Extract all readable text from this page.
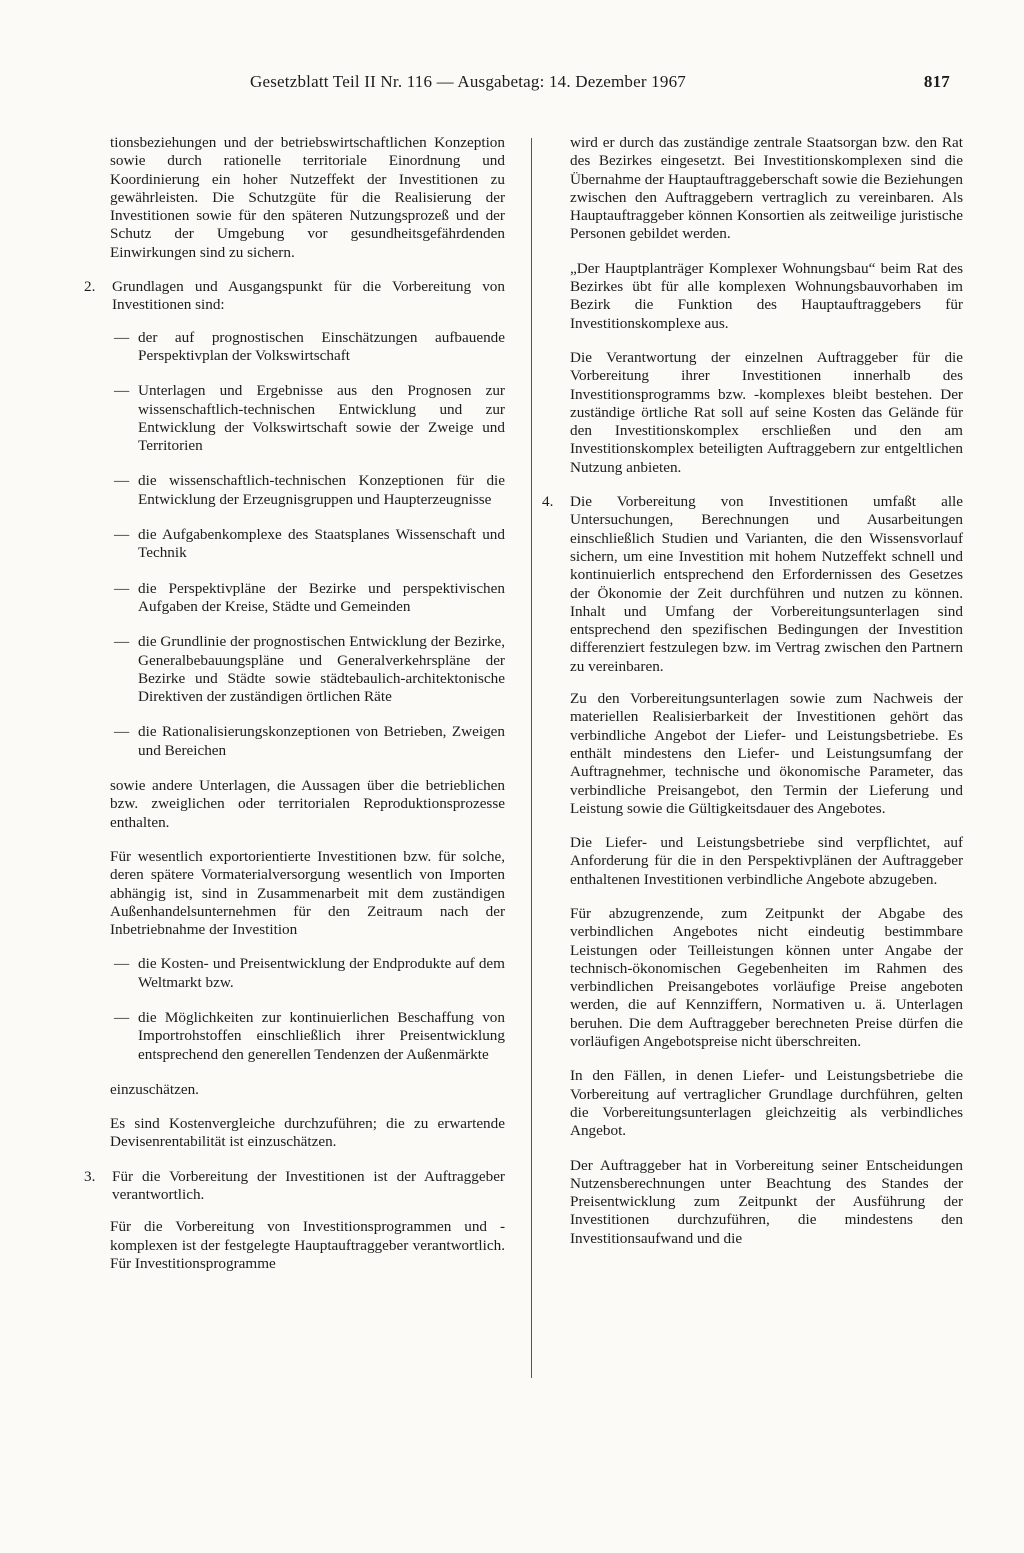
Gesetzblatt Teil II Nr. 116 — Ausgabetag: 14. Dezember 1967	817

tionsbeziehungen und der betriebswirtschaftlichen Konzeption sowie durch rationelle territoriale Einordnung und Koordinierung ein hoher Nutzeffekt der Investitionen zu gewährleisten. Die Schutzgüte für die Realisierung der Investitionen sowie für den späteren Nutzungsprozeß und der Schutz der Umgebung vor gesundheitsgefährdenden Einwirkungen sind zu sichern.

2. Grundlagen und Ausgangspunkt für die Vorbereitung von Investitionen sind:
— der auf prognostischen Einschätzungen aufbauende Perspektivplan der Volkswirtschaft
— Unterlagen und Ergebnisse aus den Prognosen zur wissenschaftlich-technischen Entwicklung und zur Entwicklung der Volkswirtschaft sowie der Zweige und Territorien
— die wissenschaftlich-technischen Konzeptionen für die Entwicklung der Erzeugnisgruppen und Haupterzeugnisse
— die Aufgabenkomplexe des Staatsplanes Wissenschaft und Technik
— die Perspektivpläne der Bezirke und perspektivischen Aufgaben der Kreise, Städte und Gemeinden
— die Grundlinie der prognostischen Entwicklung der Bezirke, Generalbebauungspläne und Generalverkehrspläne der Bezirke und Städte sowie städtebaulich-architektonische Direktiven der zuständigen örtlichen Räte
— die Rationalisierungskonzeptionen von Betrieben, Zweigen und Bereichen

sowie andere Unterlagen, die Aussagen über die betrieblichen bzw. zweiglichen oder territorialen Reproduktionsprozesse enthalten.

Für wesentlich exportorientierte Investitionen bzw. für solche, deren spätere Vormaterialversorgung wesentlich von Importen abhängig ist, sind in Zusammenarbeit mit dem zuständigen Außenhandelsunternehmen für den Zeitraum nach der Inbetriebnahme der Investition

— die Kosten- und Preisentwicklung der Endprodukte auf dem Weltmarkt bzw.
— die Möglichkeiten zur kontinuierlichen Beschaffung von Importrohstoffen einschließlich ihrer Preisentwicklung entsprechend den generellen Tendenzen der Außenmärkte

einzuschätzen.

Es sind Kostenvergleiche durchzuführen; die zu erwartende Devisenrentabilität ist einzuschätzen.

3. Für die Vorbereitung der Investitionen ist der Auftraggeber verantwortlich.

Für die Vorbereitung von Investitionsprogrammen und -komplexen ist der festgelegte Hauptauftraggeber verantwortlich. Für Investitionsprogramme

wird er durch das zuständige zentrale Staatsorgan bzw. den Rat des Bezirkes eingesetzt. Bei Investitionskomplexen sind die Übernahme der Hauptauftraggeberschaft sowie die Beziehungen zwischen den Auftraggebern vertraglich zu vereinbaren. Als Hauptauftraggeber können Konsortien als zeitweilige juristische Personen gebildet werden.

„Der Hauptplanträger Komplexer Wohnungsbau“ beim Rat des Bezirkes übt für alle komplexen Wohnungsbauvorhaben im Bezirk die Funktion des Hauptauftraggebers für Investitionskomplexe aus.

Die Verantwortung der einzelnen Auftraggeber für die Vorbereitung ihrer Investitionen innerhalb des Investitionsprogramms bzw. -komplexes bleibt bestehen. Der zuständige örtliche Rat soll auf seine Kosten das Gelände für den Investitionskomplex erschließen und den am Investitionskomplex beteiligten Auftraggebern zur entgeltlichen Nutzung anbieten.

4. Die Vorbereitung von Investitionen umfaßt alle Untersuchungen, Berechnungen und Ausarbeitungen einschließlich Studien und Varianten, die den Wissensvorlauf sichern, um eine Investition mit hohem Nutzeffekt schnell und kontinuierlich entsprechend den Erfordernissen des Gesetzes der Ökonomie der Zeit durchführen und nutzen zu können. Inhalt und Umfang der Vorbereitungsunterlagen sind entsprechend den spezifischen Bedingungen der Investition differenziert festzulegen bzw. im Vertrag zwischen den Partnern zu vereinbaren.

Zu den Vorbereitungsunterlagen sowie zum Nachweis der materiellen Realisierbarkeit der Investitionen gehört das verbindliche Angebot der Liefer- und Leistungsbetriebe. Es enthält mindestens den Liefer- und Leistungsumfang der Auftragnehmer, technische und ökonomische Parameter, das verbindliche Preisangebot, den Termin der Lieferung und Leistung sowie die Gültigkeitsdauer des Angebotes.

Die Liefer- und Leistungsbetriebe sind verpflichtet, auf Anforderung für die in den Perspektivplänen der Auftraggeber enthaltenen Investitionen verbindliche Angebote abzugeben.

Für abzugrenzende, zum Zeitpunkt der Abgabe des verbindlichen Angebotes nicht eindeutig bestimmbare Leistungen oder Teilleistungen können unter Angabe der technisch-ökonomischen Gegebenheiten im Rahmen des verbindlichen Preisangebotes vorläufige Preise angeboten werden, die auf Kennziffern, Normativen u. ä. Unterlagen beruhen. Die dem Auftraggeber berechneten Preise dürfen die vorläufigen Angebotspreise nicht überschreiten.

In den Fällen, in denen Liefer- und Leistungsbetriebe die Vorbereitung auf vertraglicher Grundlage durchführen, gelten die Vorbereitungsunterlagen gleichzeitig als verbindliches Angebot.

Der Auftraggeber hat in Vorbereitung seiner Entscheidungen Nutzensberechnungen unter Beachtung des Standes der Preisentwicklung zum Zeitpunkt der Ausführung der Investitionen durchzuführen, die mindestens den Investitionsaufwand und die
